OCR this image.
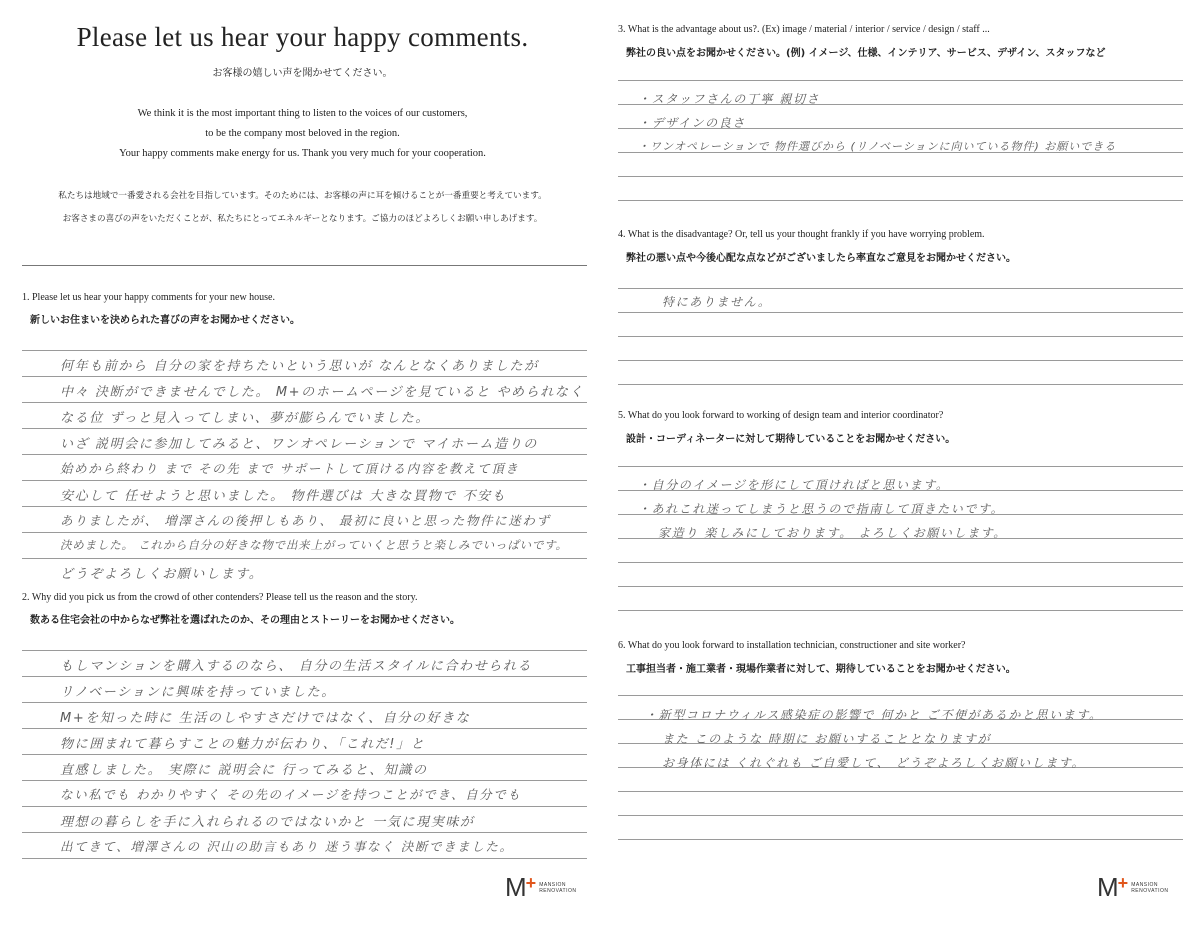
Please let us hear your happy comments.
お客様の嬉しい声を聞かせてください。
We think it is the most important thing to listen to the voices of our customers,
to be the company most beloved in the region.
Your happy comments make energy for us. Thank you very much for your cooperation.
私たちは地域で一番愛される会社を目指しています。そのためには、お客様の声に耳を傾けることが一番重要と考えています。
お客さまの喜びの声をいただくことが、私たちにとってエネルギーとなります。ご協力のほどよろしくお願い申しあげます。
1. Please let us hear your happy comments for your new house.
新しいお住まいを決められた喜びの声をお聞かせください。
何年も前から 自分の家を持ちたいという思いが なんとなくありましたが
中々 決断ができませんでした。 M+のホームページを見ていると やめられなく
なる位 ずっと見入ってしまい、夢が膨らんでいました。
いざ 説明会に参加してみると、ワンオペレーションで マイホーム造りの
始めから終わり まで その先 まで サポートして頂ける内容を教えて頂き
安心して 任せようと思いました。 物件選びは 大きな買物で 不安も
ありましたが、 増澤さんの後押しもあり、 最初に良いと思った物件に迷わず
決めました。 これから自分の好きな物で出来上がっていくと思うと楽しみでいっぱいです。
どうぞよろしくお願いします。
2. Why did you pick us from the crowd of other contenders? Please tell us the reason and the story.
数ある住宅会社の中からなぜ弊社を選ばれたのか、その理由とストーリーをお聞かせください。
もしマンションを購入するのなら、 自分の生活スタイルに合わせられる
リノベーションに興味を持っていました。
M+を知った時に 生活のしやすさだけではなく、自分の好きな
物に囲まれて暮らすことの魅力が伝わり、「これだ!」と
直感しました。 実際に 説明会に 行ってみると、知識の
ない私でも わかりやすく その先のイメージを持つことができ、自分でも
理想の暮らしを手に入れられるのではないかと 一気に現実味が
出てきて、増澤さんの 沢山の助言もあり 迷う事なく 決断できました。
M + MANSION
RENOVATION
3. What is the advantage about us?. (Ex) image / material / interior / service / design / staff ...
弊社の良い点をお聞かせください。(例) イメージ、仕様、インテリア、サービス、デザイン、スタッフなど
・スタッフさんの丁寧 親切さ
・デザインの良さ
・ワンオペレーションで 物件選びから (リノベーションに向いている物件) お願いできる
4. What is the disadvantage? Or, tell us your thought frankly if you have worrying problem.
弊社の悪い点や今後心配な点などがございましたら率直なご意見をお聞かせください。
特にありません。
5. What do you look forward to working of design team and interior coordinator?
設計・コーディネーターに対して期待していることをお聞かせください。
・自分のイメージを形にして頂ければと思います。
・あれこれ迷ってしまうと思うので指南して頂きたいです。
家造り 楽しみにしております。 よろしくお願いします。
6. What do you look forward to installation technician, constructioner and site worker?
工事担当者・施工業者・現場作業者に対して、期待していることをお聞かせください。
・新型コロナウィルス感染症の影響で 何かと ご不便があるかと思います。
また このような 時期に お願いすることとなりますが
お身体には くれぐれも ご自愛して、 どうぞよろしくお願いします。
M + MANSION
RENOVATION
